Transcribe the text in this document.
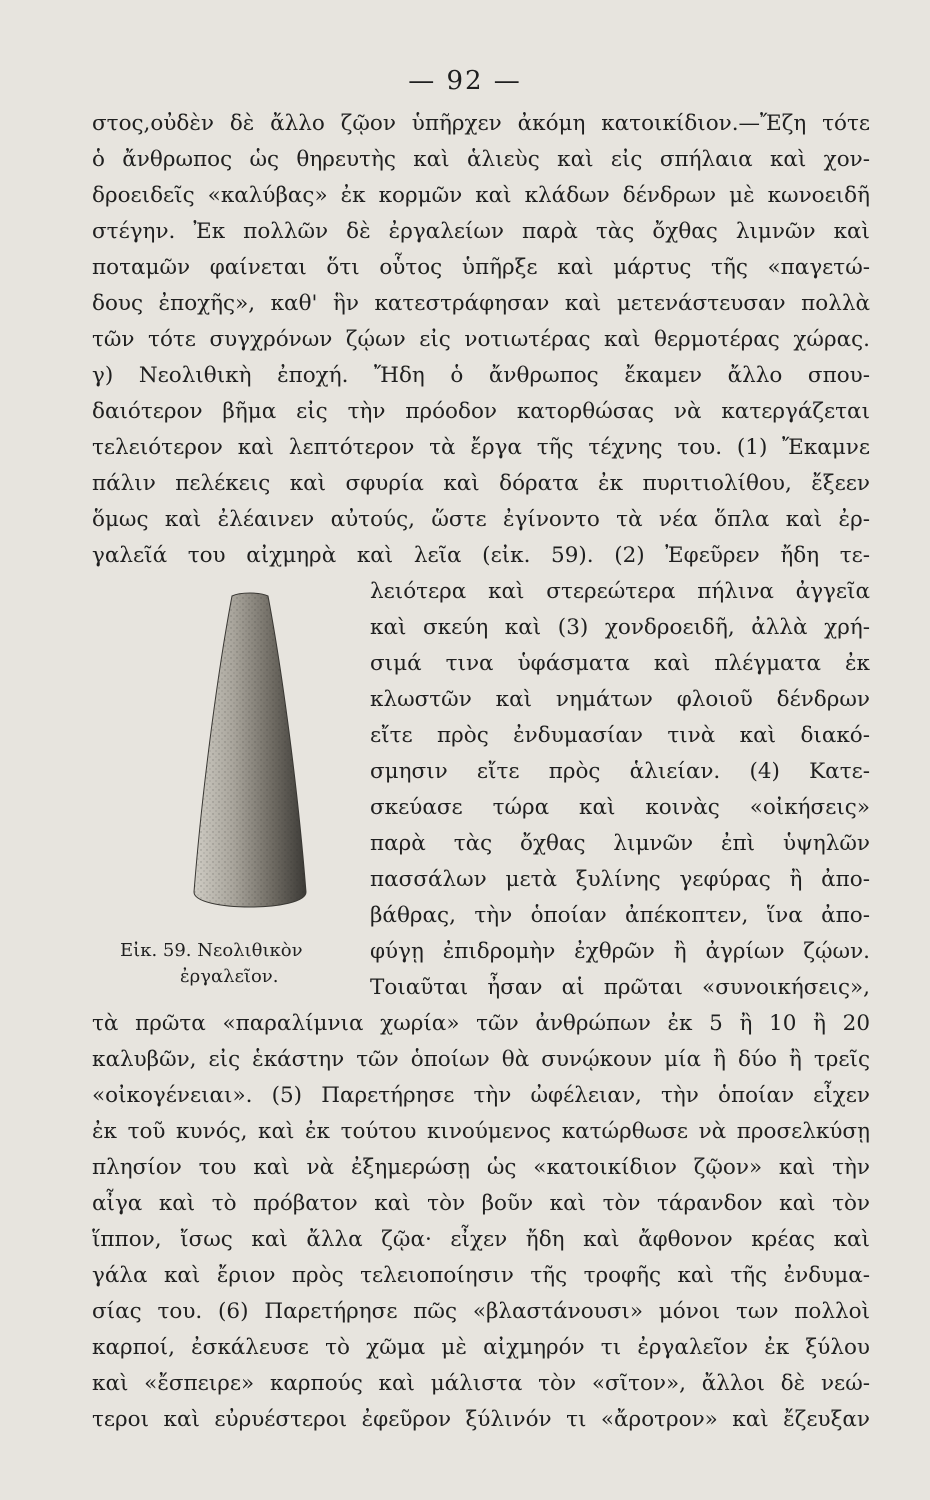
— 92 —
στος,οὐδὲν δὲ ἄλλο ζῷον ὑπῆρχεν ἀκόμη κατοικίδιον.—Ἔζη τότε
ὁ ἄνθρωπος ὡς θηρευτὴς καὶ ἁλιεὺς καὶ εἰς σπήλαια καὶ χον-
δροειδεῖς «καλύβας» ἐκ κορμῶν καὶ κλάδων δένδρων μὲ κωνοειδῆ
στέγην. Ἐκ πολλῶν δὲ ἐργαλείων παρὰ τὰς ὄχθας λιμνῶν καὶ
ποταμῶν φαίνεται ὅτι οὗτος ὑπῆρξε καὶ μάρτυς τῆς «παγετώ-
δους ἐποχῆς», καθ' ἣν κατεστράφησαν καὶ μετενάστευσαν πολλὰ
τῶν τότε συγχρόνων ζῴων εἰς νοτιωτέρας καὶ θερμοτέρας χώρας.
γ) Νεολιθικὴ ἐποχή. Ἤδη ὁ ἄνθρωπος ἔκαμεν ἄλλο σπου-
δαιότερον βῆμα εἰς τὴν πρόοδον κατορθώσας νὰ κατεργάζεται
τελειότερον καὶ λεπτότερον τὰ ἔργα τῆς τέχνης του. (1) Ἔκαμνε
πάλιν πελέκεις καὶ σφυρία καὶ δόρατα ἐκ πυριτιολίθου, ἔξεεν
ὅμως καὶ ἐλέαινεν αὐτούς, ὥστε ἐγίνοντο τὰ νέα ὅπλα καὶ ἐρ-
γαλεῖά του αἰχμηρὰ καὶ λεῖα (εἰκ. 59). (2) Ἐφεῦρεν ἤδη τε-
λειότερα καὶ στερεώτερα πήλινα ἀγγεῖα
καὶ σκεύη καὶ (3) χονδροειδῆ, ἀλλὰ χρή-
σιμά τινα ὑφάσματα καὶ πλέγματα ἐκ
κλωστῶν καὶ νημάτων φλοιοῦ δένδρων
εἴτε πρὸς ἐνδυμασίαν τινὰ καὶ διακό-
σμησιν εἴτε πρὸς ἁλιείαν. (4) Κατε-
σκεύασε τώρα καὶ κοινὰς «οἰκήσεις»
παρὰ τὰς ὄχθας λιμνῶν ἐπὶ ὑψηλῶν
πασσάλων μετὰ ξυλίνης γεφύρας ἢ ἀπο-
βάθρας, τὴν ὁποίαν ἀπέκοπτεν, ἵνα ἀπο-
φύγῃ ἐπιδρομὴν ἐχθρῶν ἢ ἀγρίων ζῴων.
Τοιαῦται ἦσαν αἱ πρῶται «συνοικήσεις»,
Εἰκ. 59. Νεολιθικὸν
ἐργαλεῖον.
τὰ πρῶτα «παραλίμνια χωρία» τῶν ἀνθρώπων ἐκ 5 ἢ 10 ἢ 20
καλυβῶν, εἰς ἑκάστην τῶν ὁποίων θὰ συνῴκουν μία ἢ δύο ἢ τρεῖς
«οἰκογένειαι». (5) Παρετήρησε τὴν ὠφέλειαν, τὴν ὁποίαν εἶχεν
ἐκ τοῦ κυνός, καὶ ἐκ τούτου κινούμενος κατώρθωσε νὰ προσελκύσῃ
πλησίον του καὶ νὰ ἐξημερώσῃ ὡς «κατοικίδιον ζῷον» καὶ τὴν
αἶγα καὶ τὸ πρόβατον καὶ τὸν βοῦν καὶ τὸν τάρανδον καὶ τὸν
ἵππον, ἴσως καὶ ἄλλα ζῷα· εἶχεν ἤδη καὶ ἄφθονον κρέας καὶ
γάλα καὶ ἔριον πρὸς τελειοποίησιν τῆς τροφῆς καὶ τῆς ἐνδυμα-
σίας του. (6) Παρετήρησε πῶς «βλαστάνουσι» μόνοι των πολλοὶ
καρποί, ἐσκάλευσε τὸ χῶμα μὲ αἰχμηρόν τι ἐργαλεῖον ἐκ ξύλου
καὶ «ἔσπειρε» καρπούς καὶ μάλιστα τὸν «σῖτον», ἄλλοι δὲ νεώ-
τεροι καὶ εὐρυέστεροι ἐφεῦρον ξύλινόν τι «ἄροτρον» καὶ ἔζευξαν
